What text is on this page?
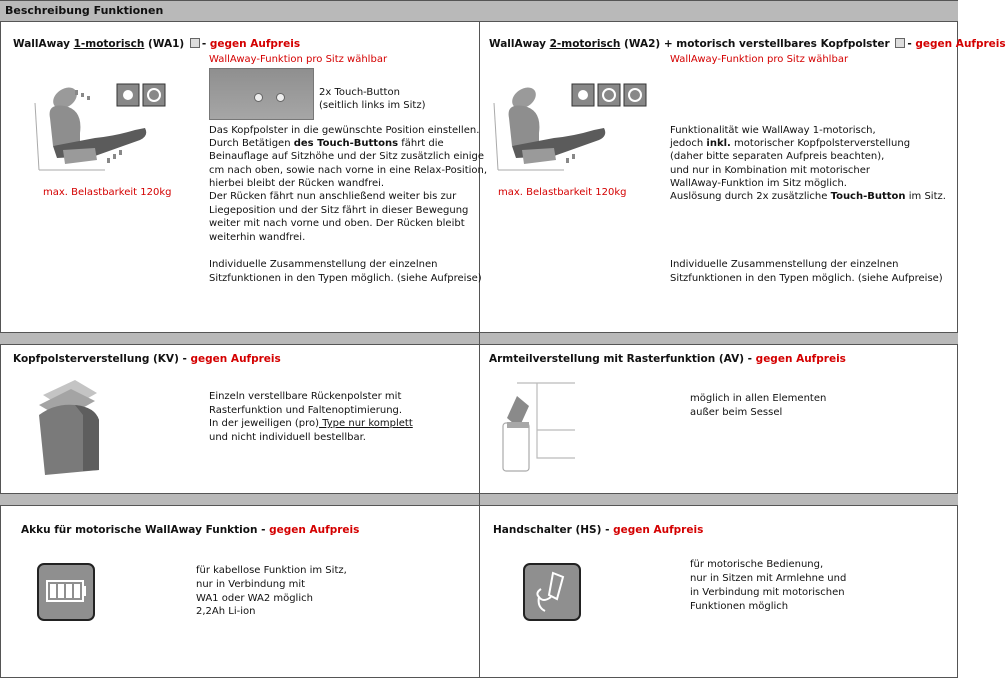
Beschreibung Funktionen
WallAway 1-motorisch (WA1) - gegen Aufpreis
WallAway-Funktion pro Sitz wählbar
max. Belastbarkeit 120kg
2x Touch-Button
(seitlich links im Sitz)
Das Kopfpolster in die gewünschte Position einstellen.
Durch Betätigen des Touch-Buttons fährt die
Beinauflage auf Sitzhöhe und der Sitz zusätzlich einige
cm nach oben, sowie nach vorne in eine Relax-Position,
hierbei bleibt der Rücken wandfrei.
Der Rücken fährt nun anschließend weiter bis zur
Liegeposition und der Sitz fährt in dieser Bewegung
weiter mit nach vorne und oben. Der Rücken bleibt
weiterhin wandfrei.
Individuelle Zusammenstellung der einzelnen
Sitzfunktionen in den Typen möglich. (siehe Aufpreise)
WallAway 2-motorisch (WA2) + motorisch verstellbares Kopfpolster - gegen Aufpreis
WallAway-Funktion pro Sitz wählbar
max. Belastbarkeit 120kg
Funktionalität wie WallAway 1-motorisch,
jedoch inkl. motorischer Kopfpolsterverstellung
(daher bitte separaten Aufpreis beachten),
und nur in Kombination mit motorischer
WallAway-Funktion im Sitz möglich.
Auslösung durch 2x zusätzliche Touch-Button im Sitz.
Individuelle Zusammenstellung der einzelnen
Sitzfunktionen in den Typen möglich. (siehe Aufpreise)
Kopfpolsterverstellung (KV) - gegen Aufpreis
Einzeln verstellbare Rückenpolster mit
Rasterfunktion und Faltenoptimierung.
In der jeweiligen (pro) Type nur komplett
und nicht individuell bestellbar.
Armteilverstellung mit Rasterfunktion (AV) - gegen Aufpreis
möglich in allen Elementen
außer beim Sessel
Akku für motorische WallAway Funktion - gegen Aufpreis
für kabellose Funktion im Sitz,
nur in Verbindung mit
WA1 oder WA2 möglich
2,2Ah Li-ion
Handschalter (HS) - gegen Aufpreis
für motorische Bedienung,
nur in Sitzen mit Armlehne und
in Verbindung mit motorischen
Funktionen möglich
